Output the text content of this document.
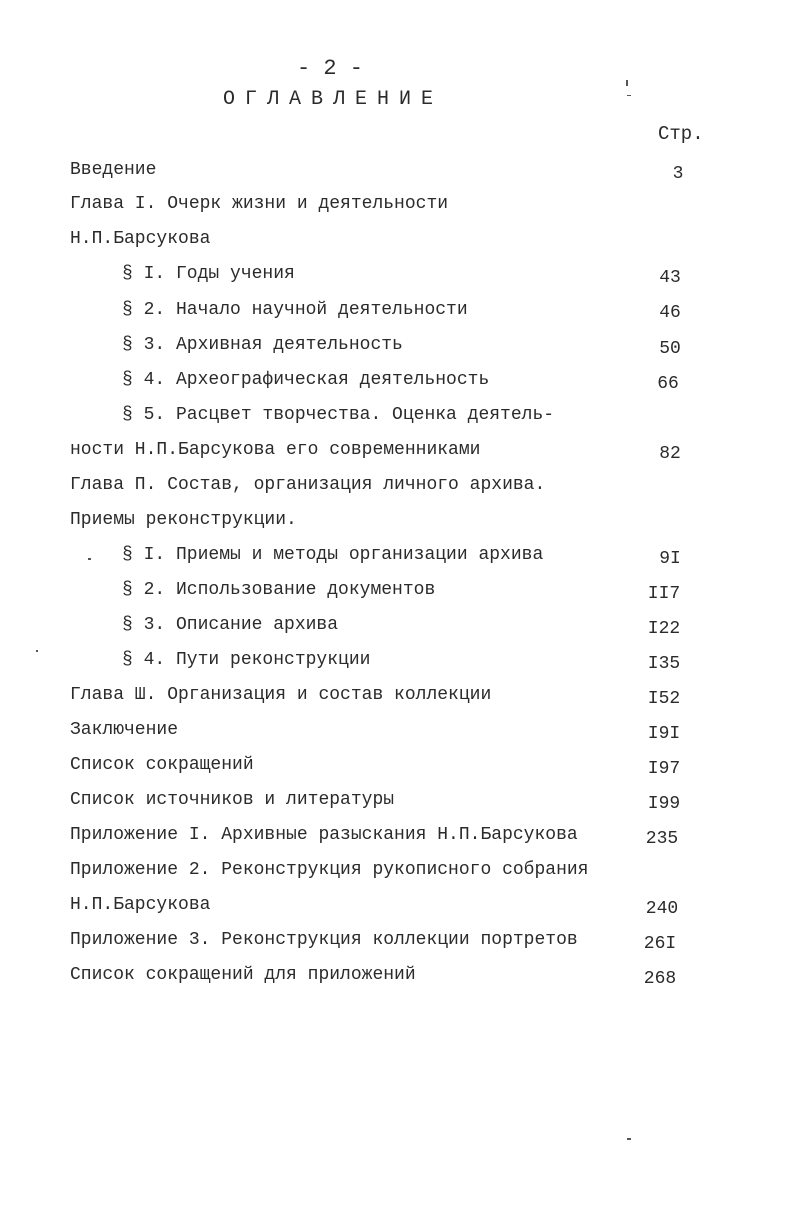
- 2 -
ОГЛАВЛЕНИЕ
Стр.
Введение	3
Глава I. Очерк жизни и деятельности
Н.П.Барсукова
§ I. Годы учения	43
§ 2. Начало научной деятельности	46
§ 3. Архивная деятельность	50
§ 4. Археографическая деятельность	66
§ 5. Расцвет творчества. Оценка деятель-
ности Н.П.Барсукова его современниками	82
Глава П. Состав, организация личного архива.
Приемы реконструкции.
§ I. Приемы и методы организации архива	9I
§ 2. Использование документов	II7
§ 3. Описание архива	I22
§ 4. Пути реконструкции	I35
Глава Ш. Организация и состав коллекции	I52
Заключение	I9I
Список сокращений	I97
Список источников и литературы	I99
Приложение I. Архивные разыскания Н.П.Барсукова	235
Приложение 2. Реконструкция рукописного собрания
Н.П.Барсукова	240
Приложение 3. Реконструкция коллекции портретов	26I
Список сокращений для приложений	268
